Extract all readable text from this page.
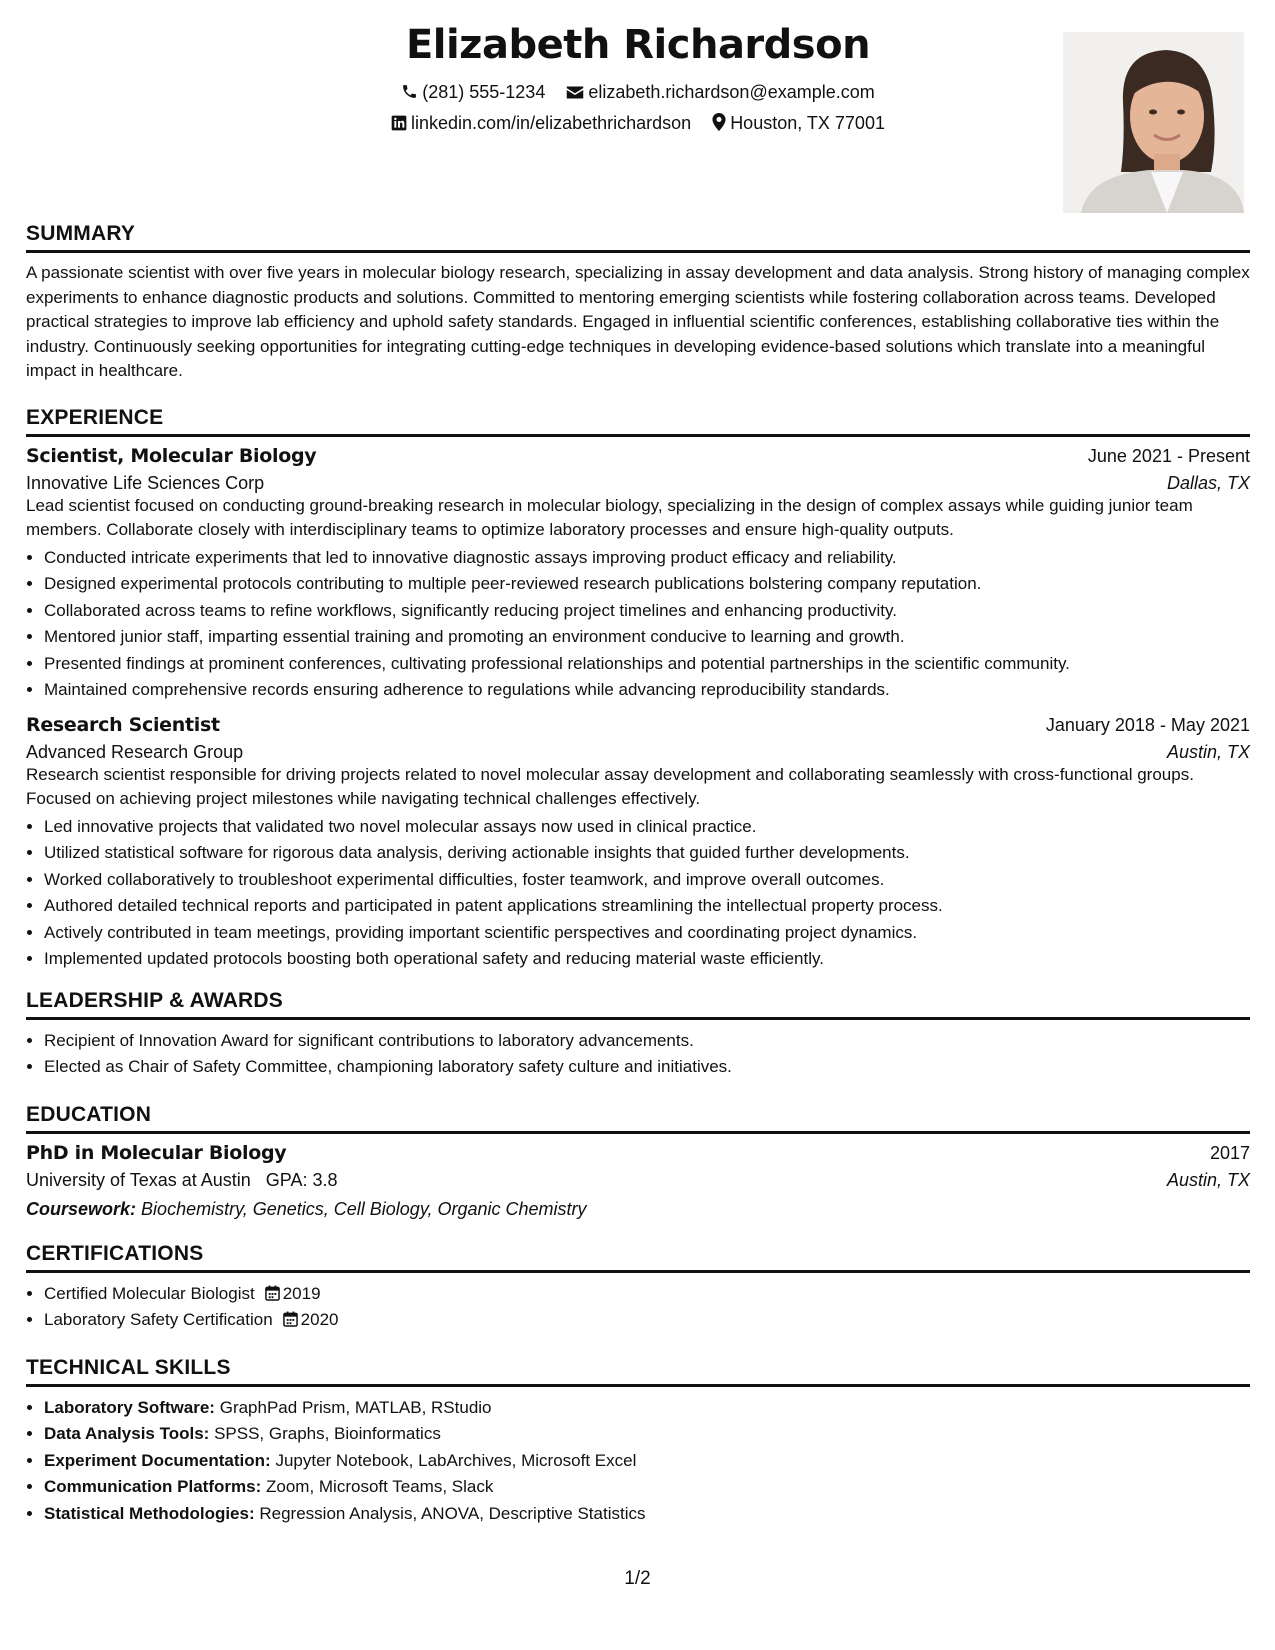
Elizabeth Richardson
(281) 555-1234 elizabeth.richardson@example.com
linkedin.com/in/elizabethrichardson Houston, TX 77001
SUMMARY

A passionate scientist with over five years in molecular biology research, specializing in assay development and data analysis. Strong history of managing complex experiments to enhance diagnostic products and solutions. Committed to mentoring emerging scientists while fostering collaboration across teams. Developed practical strategies to improve lab efficiency and uphold safety standards. Engaged in influential scientific conferences, establishing collaborative ties within the industry. Continuously seeking opportunities for integrating cutting-edge techniques in developing evidence-based solutions which translate into a meaningful impact in healthcare.

EXPERIENCE
Scientist, Molecular Biology	June 2021 - Present
Innovative Life Sciences Corp	Dallas, TX

Lead scientist focused on conducting ground-breaking research in molecular biology, specializing in the design of complex assays while guiding junior team members. Collaborate closely with interdisciplinary teams to optimize laboratory processes and ensure high-quality outputs.

• Conducted intricate experiments that led to innovative diagnostic assays improving product efficacy and reliability.
• Designed experimental protocols contributing to multiple peer-reviewed research publications bolstering company reputation.
• Collaborated across teams to refine workflows, significantly reducing project timelines and enhancing productivity.
• Mentored junior staff, imparting essential training and promoting an environment conducive to learning and growth.
• Presented findings at prominent conferences, cultivating professional relationships and potential partnerships in the scientific community.
• Maintained comprehensive records ensuring adherence to regulations while advancing reproducibility standards.
Research Scientist	January 2018 - May 2021
Advanced Research Group	Austin, TX

Research scientist responsible for driving projects related to novel molecular assay development and collaborating seamlessly with cross-functional groups. Focused on achieving project milestones while navigating technical challenges effectively.

• Led innovative projects that validated two novel molecular assays now used in clinical practice.
• Utilized statistical software for rigorous data analysis, deriving actionable insights that guided further developments.
• Worked collaboratively to troubleshoot experimental difficulties, foster teamwork, and improve overall outcomes.
• Authored detailed technical reports and participated in patent applications streamlining the intellectual property process.
• Actively contributed in team meetings, providing important scientific perspectives and coordinating project dynamics.
• Implemented updated protocols boosting both operational safety and reducing material waste efficiently.
LEADERSHIP & AWARDS
• Recipient of Innovation Award for significant contributions to laboratory advancements.
• Elected as Chair of Safety Committee, championing laboratory safety culture and initiatives.
EDUCATION
PhD in Molecular Biology	2017
University of Texas at Austin GPA: 3.8	Austin, TX
Coursework: Biochemistry, Genetics, Cell Biology, Organic Chemistry
CERTIFICATIONS
• Certified Molecular Biologist 2019
• Laboratory Safety Certification 2020
TECHNICAL SKILLS
• Laboratory Software: GraphPad Prism, MATLAB, RStudio
• Data Analysis Tools: SPSS, Graphs, Bioinformatics
• Experiment Documentation: Jupyter Notebook, LabArchives, Microsoft Excel
• Communication Platforms: Zoom, Microsoft Teams, Slack
• Statistical Methodologies: Regression Analysis, ANOVA, Descriptive Statistics
1/2
